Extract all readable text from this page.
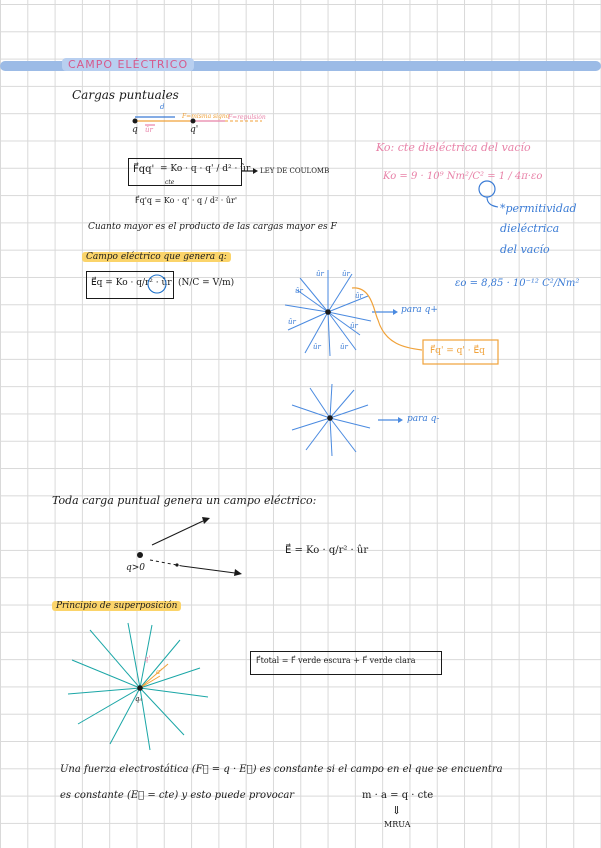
CAMPO ELÉCTRICO
Cargas puntuales
d
F=repulsión
F=misma signo
q ûr	q'
F⃗qq' = Ko · q · q' / d² · ûr
cte
LEY DE COULOMB
F⃗q'q = Ko · q' · q / d² · ûr'
Cuanto mayor es el producto de las cargas mayor es F
Ko: cte dieléctrica del vacío
Ko = 9 · 10⁹ Nm²/C² = 1 / 4π·εo
*permitividad
dieléctrica
del vacío
εo = 8,85 · 10⁻¹² C²/Nm²
Campo eléctrico que genera q:
E⃗q = Ko · q/r² · ûr (N/C = V/m)
ûr	ûr
ûr
ûr
ûr	ûr
ûr	ûr
para q+
F⃗q' = q' · E⃗q
para q-
Toda carga puntual genera un campo eléctrico:
q>0
E⃗ = Ko · q/r² · ûr
Principio de superposición
q₀
q'
a'
F⃗total = F⃗ verde escura + F⃗ verde clara
Una fuerza electrostática (F⃗ = q · E⃗) es constante si el campo en el que se encuentra
es constante (E⃗ = cte) y esto puede provocar	m · a = q · cte
⇓
MRUA
